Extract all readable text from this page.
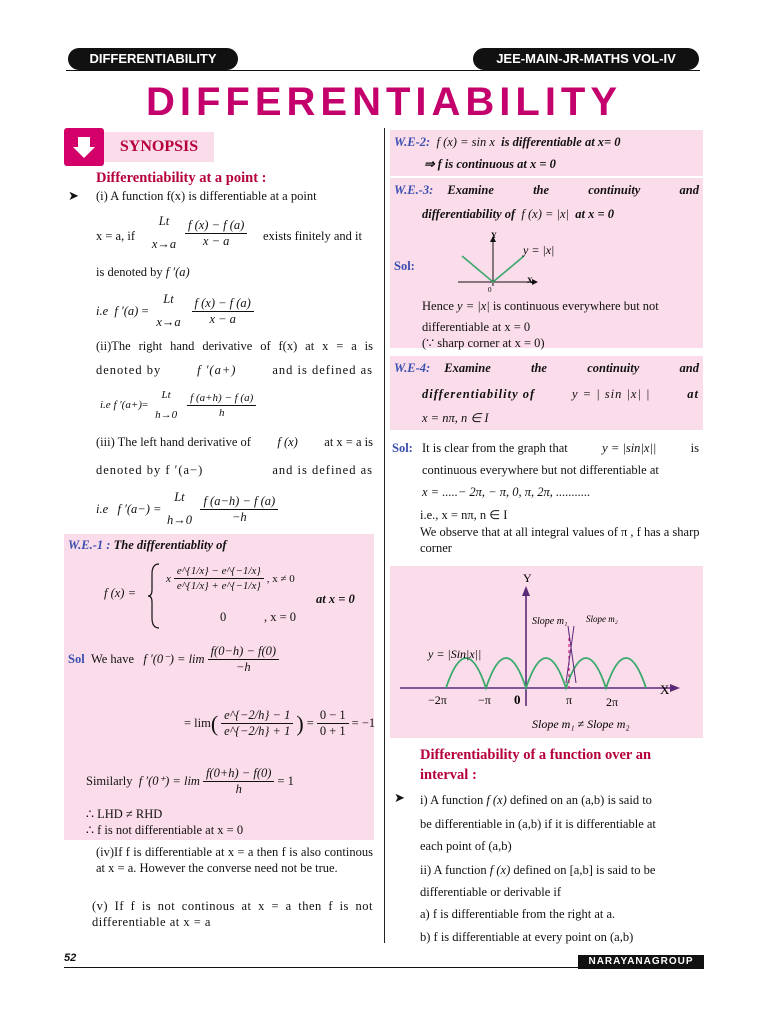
DIFFERENTIABILITY	JEE-MAIN-JR-MATHS VOL-IV
DIFFERENTIABILITY
SYNOPSIS
Differentiability at a point :
➤ (i) A function f(x) is differentiable at a point
x = a, if
Lt
$x\to a \frac{f (x) - f (a)}{x - a}$ exists finitely and it
is denoted by f ′(a)
i.e
f ′(a) =
Lt
$x\to a \frac{f (x) - f (a)}{x - a}$
(ii)The right hand derivative of f(x) at x = a is
denoted by	f ′(a+)	and is defined as
i.e
f ′(a+) =
Lt
$h\to 0 \frac{f (a+h) - f (a)}{h}$
(iii) The left hand derivative of f (x) at x = a is
denoted by f ′(a−)	and is defined as
i.e
f ′(a−) =
Lt
$h\to 0 \frac{f (a-h) - f (a)}{-h}$
W.E.-1 : The differentiablity of
f (x) =
x $\frac{e\^{}\{1/x\} - e\^{}\{-1/x\}}{e\^{}\{1/x\} + e\^{}\{-1/x\}}$ , x ≠ 0
0	, x = 0
at x = 0
Sol
We have
f $'(0^-) = \lim \frac{f(0-h) - f(0)}{-h}$
= lim ( $\frac{e\^{}\{-2/h\} - 1}{e\^{}\{-2/h\} + 1}$ )
= $\frac{0 - 1}{0 + 1} = -1$
Similarly
f $'(0^+) = \lim \frac{f(0+h) - f(0)}{h} = 1$
∴ LHD ≠ RHD
∴ f is not differentiable at x = 0
(iv)If f is differentiable at x = a then f is also continous at x = a. However the converse need not be true.
(v) If f is not continous at x = a then f is not differentiable at x = a
W.E-2: f (x) = sin x is differentiable at x= 0
⇒ f is continuous at x = 0
W.E.-3:	Examine the continuity and
differentiability of f (x) = |x| at x = 0
Sol:
Y
X
0
y = |x|
Hence y = |x| is continuous everywhere but not
differentiable at x = 0
(∵ sharp corner at x = 0)
W.E-4:	Examine the continuity and
differentiability of	y = | sin |x| |	at
x = nπ, n ∈ I
Sol: It is clear from the graph that	y = |sin|x||	is
continuous everywhere but not differentiable at
x = .....− 2π, − π, 0, π, 2π, ...........
i.e., x = nπ, n ∈ I
We observe that at all integral values of π , f has a sharp corner
Y
X
Slope m₁ Slope m₂
y = |Sin|x||
−2π	−π 0	π	2π
Slope m₁ ≠ Slope m₂
Differentiability of a function over an interval :
➤ i) A function f (x) defined on an (a,b) is said to
be differentiable in (a,b) if it is differentiable at
each point of (a,b)
ii) A function f (x) defined on [a,b] is said to be
differentiable or derivable if
a) f is differentiable from the right at a.
b) f is differentiable at every point on (a,b)
52	NARAYANAGROUP
